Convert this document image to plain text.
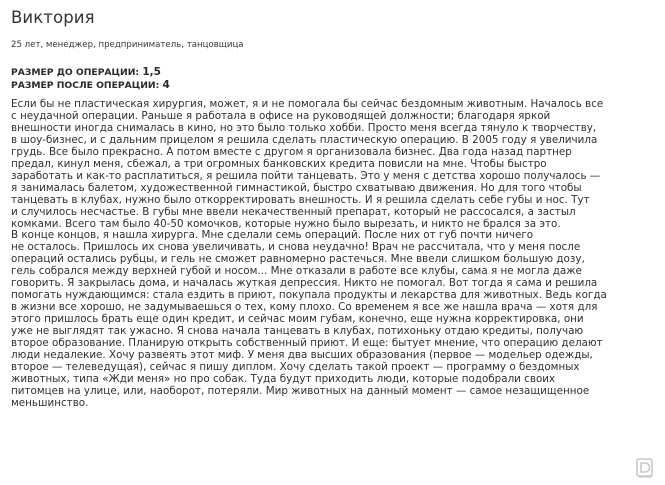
Виктория

25 лет, менеджер, предприниматель, танцовщица

РАЗМЕР ДО ОПЕРАЦИИ: 1,5
РАЗМЕР ПОСЛЕ ОПЕРАЦИИ: 4
Если бы не пластическая хирургия, может, я и не помогала бы сейчас бездомным животным. Началось все
с неудачной операции. Раньше я работала в офисе на руководящей должности; благодаря яркой
внешности иногда снималась в кино, но это было только хобби. Просто меня всегда тянуло к творчеству,
в шоу-бизнес, и с дальним прицелом я решила сделать пластическую операцию. В 2005 году я увеличила
грудь. Все было прекрасно. А потом вместе с другом я организовала бизнес. Два года назад партнер
предал, кинул меня, сбежал, а три огромных банковских кредита повисли на мне. Чтобы быстро
заработать и как-то расплатиться, я решила пойти танцевать. Это у меня с детства хорошо получалось —
я занималась балетом, художественной гимнастикой, быстро схватываю движения. Но для того чтобы
танцевать в клубах, нужно было откорректировать внешность. И я решила сделать себе губы и нос. Тут
и случилось несчастье. В губы мне ввели некачественный препарат, который не рассосался, а застыл
комками. Всего там было 40-50 комочков, которые нужно было вырезать, и никто не брался за это.
В конце концов, я нашла хирурга. Мне сделали семь операций. После них от губ почти ничего
не осталось. Пришлось их снова увеличивать, и снова неудачно! Врач не рассчитала, что у меня после
операций остались рубцы, и гель не сможет равномерно растечься. Мне ввели слишком большую дозу,
гель собрался между верхней губой и носом... Мне отказали в работе все клубы, сама я не могла даже
говорить. Я закрылась дома, и началась жуткая депрессия. Никто не помогал. Вот тогда я сама и решила
помогать нуждающимся: стала ездить в приют, покупала продукты и лекарства для животных. Ведь когда
в жизни все хорошо, не задумываешься о тех, кому плохо. Со временем я все же нашла врача — хотя для
этого пришлось брать еще один кредит, и сейчас моим губам, конечно, еще нужна корректировка, они
уже не выглядят так ужасно. Я снова начала танцевать в клубах, потихоньку отдаю кредиты, получаю
второе образование. Планирую открыть собственный приют. И еще: бытует мнение, что операцию делают
люди недалекие. Хочу развеять этот миф. У меня два высших образования (первое — модельер одежды,
второе — телеведущая), сейчас я пишу диплом. Хочу сделать такой проект — программу о бездомных
животных, типа «Жди меня» но про собак. Туда будут приходить люди, которые подобрали своих
питомцев на улице, или, наоборот, потеряли. Мир животных на данный момент — самое незащищенное
меньшинство.
